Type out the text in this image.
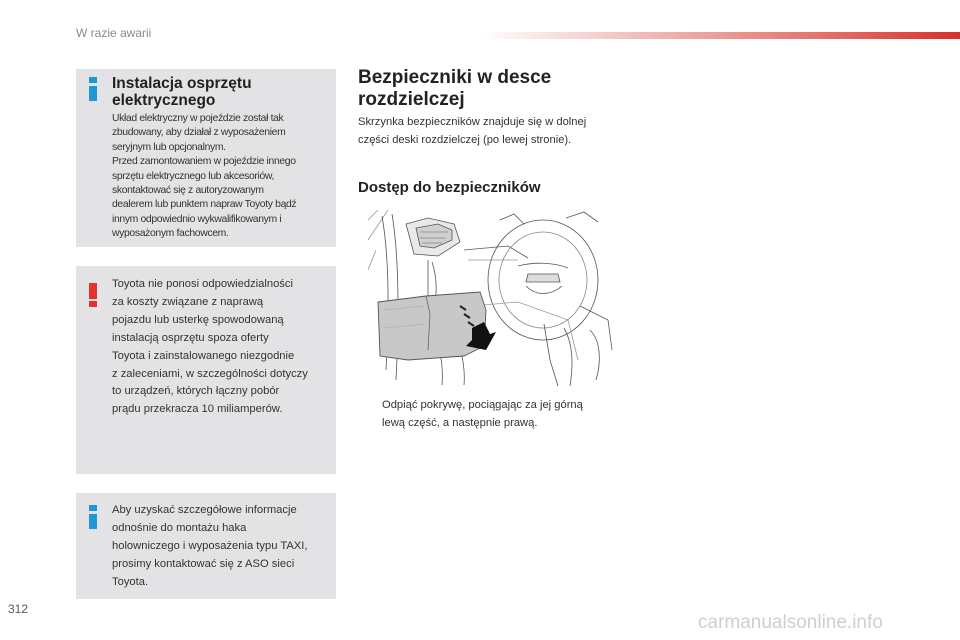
W razie awarii
Instalacja osprzętu
elektrycznego
Układ elektryczny w pojeździe został tak
zbudowany, aby działał z wyposażeniem
seryjnym lub opcjonalnym.
Przed zamontowaniem w pojeździe innego
sprzętu elektrycznego lub akcesoriów,
skontaktować się z autoryzowanym
dealerem lub punktem napraw Toyoty bądź
innym odpowiednio wykwalifikowanym i
wyposażonym fachowcem.
Toyota nie ponosi odpowiedzialności
za koszty związane z naprawą
pojazdu lub usterkę spowodowaną
instalacją osprzętu spoza oferty
Toyota i zainstalowanego niezgodnie
z zaleceniami, w szczególności dotyczy
to urządzeń, których łączny pobór
prądu przekracza 10 miliamperów.
Aby uzyskać szczegółowe informacje
odnośnie do montażu haka
holowniczego i wyposażenia typu TAXI,
prosimy kontaktować się z ASO sieci
Toyota.
Bezpieczniki w desce
rozdzielczej
Skrzynka bezpieczników znajduje się w dolnej
części deski rozdzielczej (po lewej stronie).
Dostęp do bezpieczników
Odpiąć pokrywę, pociągając za jej górną
lewą część, a następnie prawą.
312
carmanualsonline.info
